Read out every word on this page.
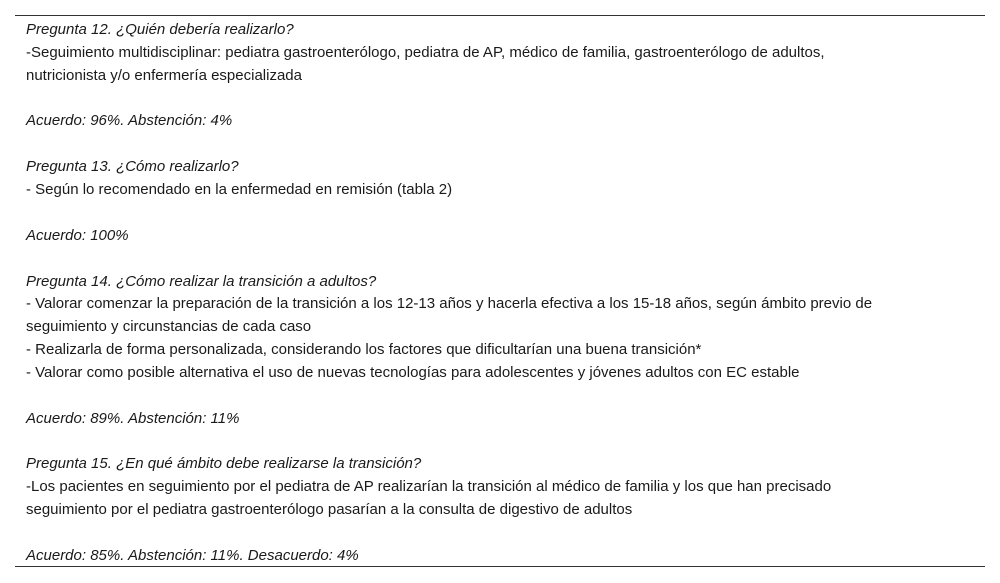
Pregunta 12. ¿Quién debería realizarlo?
-Seguimiento multidisciplinar: pediatra gastroenterólogo, pediatra de AP, médico de familia, gastroenterólogo de adultos,
nutricionista y/o enfermería especializada
Acuerdo: 96%. Abstención: 4%
Pregunta 13. ¿Cómo realizarlo?
- Según lo recomendado en la enfermedad en remisión (tabla 2)
Acuerdo: 100%
Pregunta 14. ¿Cómo realizar la transición a adultos?
- Valorar comenzar la preparación de la transición a los 12-13 años y hacerla efectiva a los 15-18 años, según ámbito previo de
seguimiento y circunstancias de cada caso
- Realizarla de forma personalizada, considerando los factores que dificultarían una buena transición*
- Valorar como posible alternativa el uso de nuevas tecnologías para adolescentes y jóvenes adultos con EC estable
Acuerdo: 89%. Abstención: 11%
Pregunta 15. ¿En qué ámbito debe realizarse la transición?
-Los pacientes en seguimiento por el pediatra de AP realizarían la transición al médico de familia y los que han precisado
seguimiento por el pediatra gastroenterólogo pasarían a la consulta de digestivo de adultos
Acuerdo: 85%. Abstención: 11%. Desacuerdo: 4%
